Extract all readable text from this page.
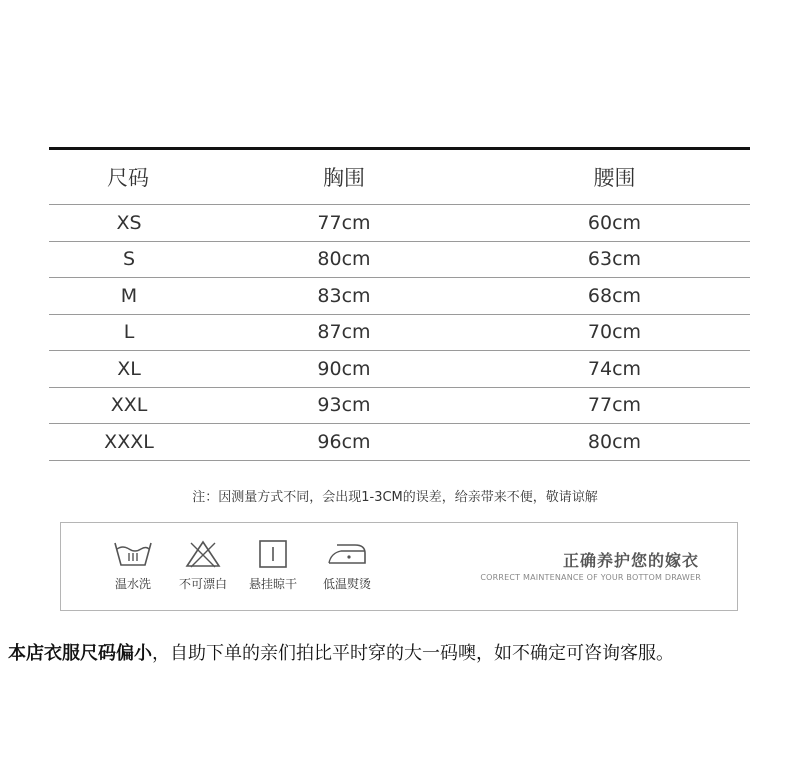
尺码	胸围	腰围
XS	77cm	60cm
S	80cm	63cm
M	83cm	68cm
L	87cm	70cm
XL	90cm	74cm
XXL	93cm	77cm
XXXL	96cm	80cm
注：因测量方式不同，会出现1-3CM的误差，给亲带来不便，敬请谅解
温水洗	不可漂白	悬挂晾干	低温熨烫
正确养护您的嫁衣
CORRECT MAINTENANCE OF YOUR BOTTOM DRAWER
本店衣服尺码偏小，自助下单的亲们拍比平时穿的大一码噢，如不确定可咨询客服。
